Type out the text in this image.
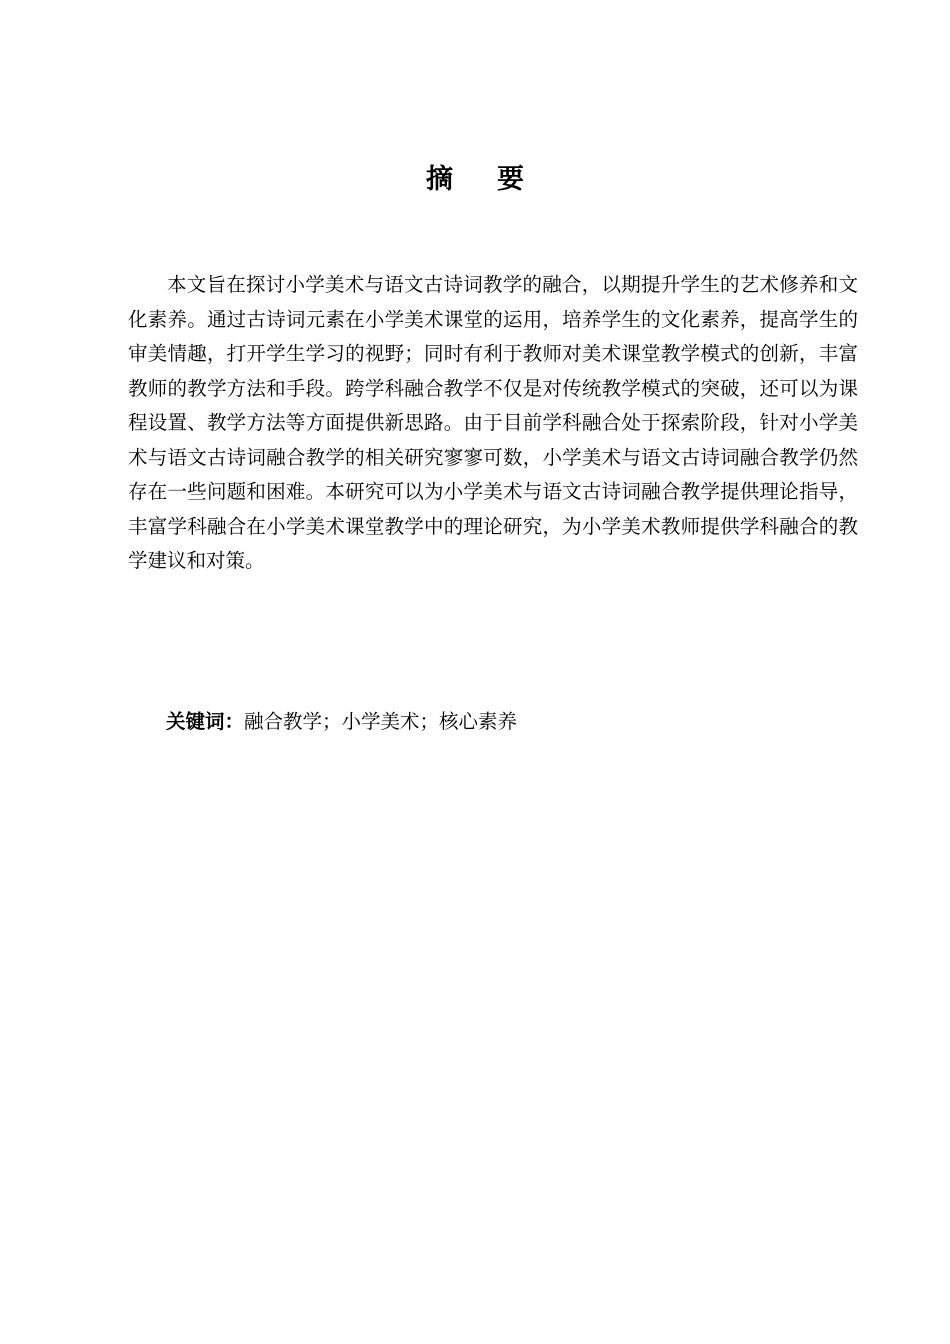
摘 要

本文旨在探讨小学美术与语文古诗词教学的融合，以期提升学生的艺术修养和文化素养。通过古诗词元素在小学美术课堂的运用，培养学生的文化素养，提高学生的审美情趣，打开学生学习的视野；同时有利于教师对美术课堂教学模式的创新，丰富教师的教学方法和手段。跨学科融合教学不仅是对传统教学模式的突破，还可以为课程设置、教学方法等方面提供新思路。由于目前学科融合处于探索阶段，针对小学美术与语文古诗词融合教学的相关研究寥寥可数，小学美术与语文古诗词融合教学仍然存在一些问题和困难。本研究可以为小学美术与语文古诗词融合教学提供理论指导，丰富学科融合在小学美术课堂教学中的理论研究，为小学美术教师提供学科融合的教学建议和对策。

关键词：融合教学；小学美术；核心素养
